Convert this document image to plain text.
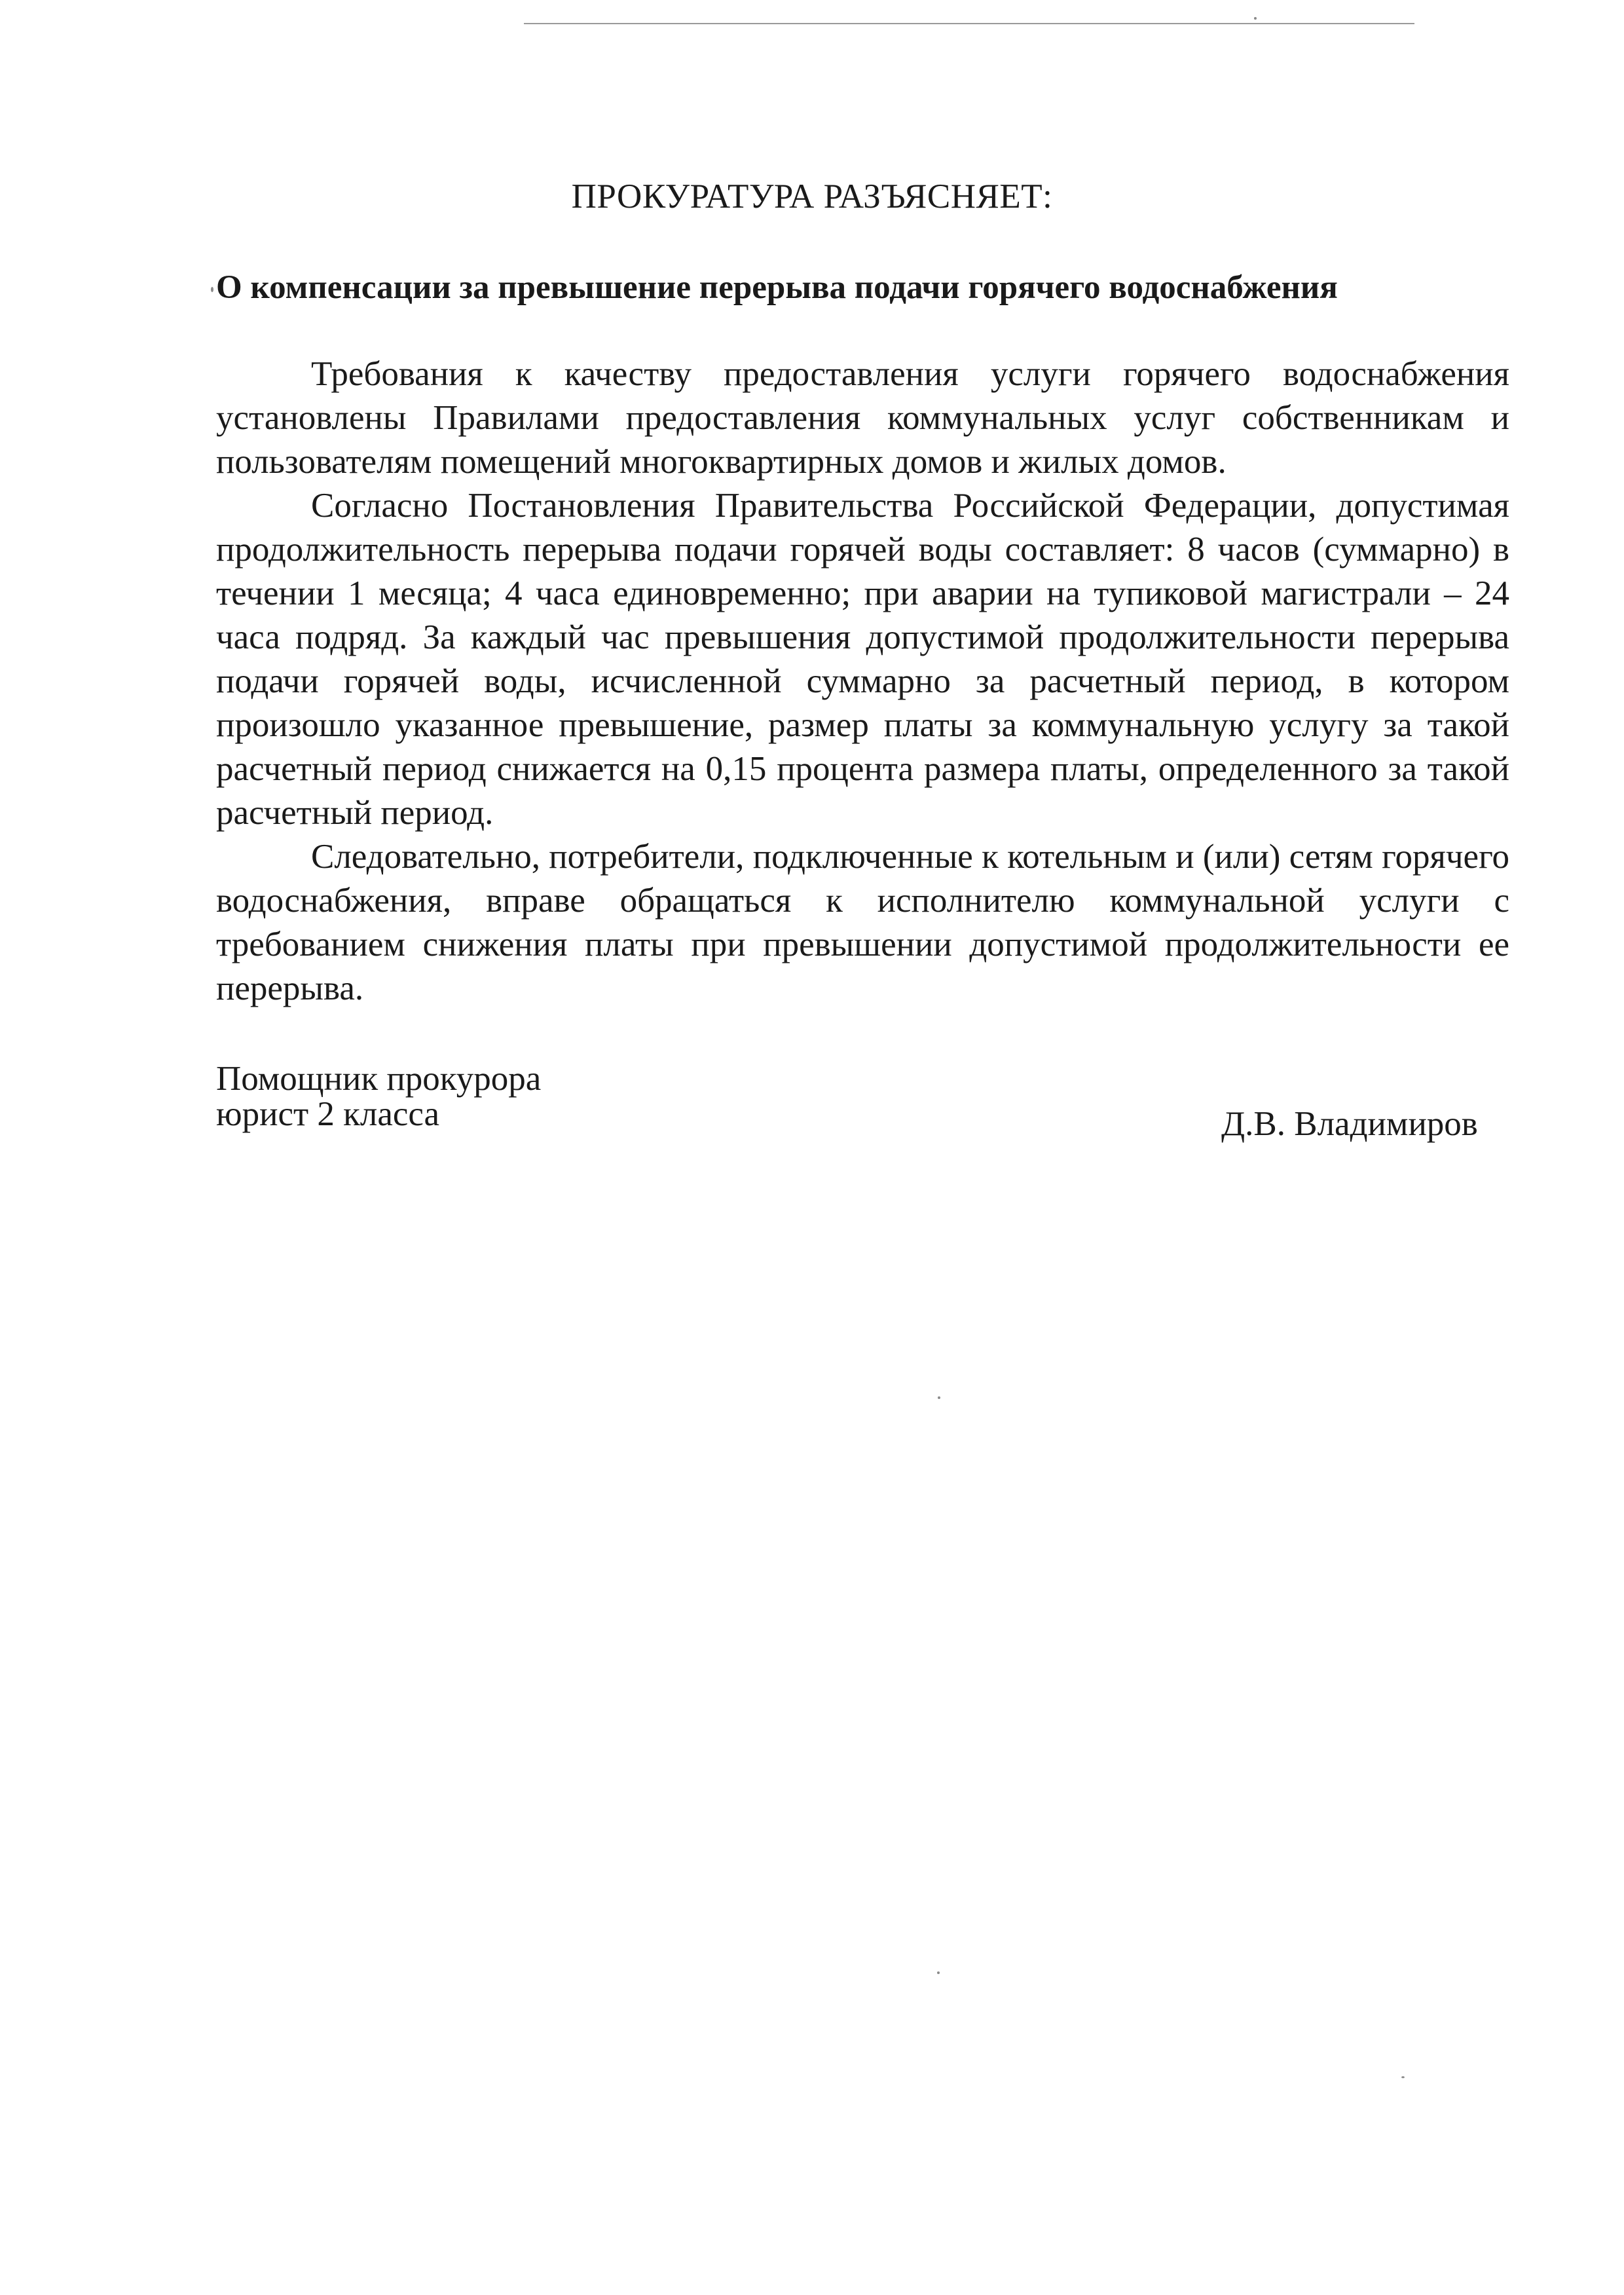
ПРОКУРАТУРА РАЗЪЯСНЯЕТ:
О компенсации за превышение перерыва подачи горячего водоснабжения

Требования к качеству предоставления услуги горячего водоснабжения установлены Правилами предоставления коммунальных услуг собственникам и пользователям помещений многоквартирных домов и жилых домов.

Согласно Постановления Правительства Российской Федерации, допустимая продолжительность перерыва подачи горячей воды составляет: 8 часов (суммарно) в течении 1 месяца; 4 часа единовременно; при аварии на тупиковой магистрали – 24 часа подряд. За каждый час превышения допустимой продолжительности перерыва подачи горячей воды, исчисленной суммарно за расчетный период, в котором произошло указанное превышение, размер платы за коммунальную услугу за такой расчетный период снижается на 0,15 процента размера платы, определенного за такой расчетный период.

Следовательно, потребители, подключенные к котельным и (или) сетям горячего водоснабжения, вправе обращаться к исполнителю коммунальной услуги с требованием снижения платы при превышении допустимой продолжительности ее перерыва.

Помощник прокурора
юрист 2 класса	Д.В. Владимиров
